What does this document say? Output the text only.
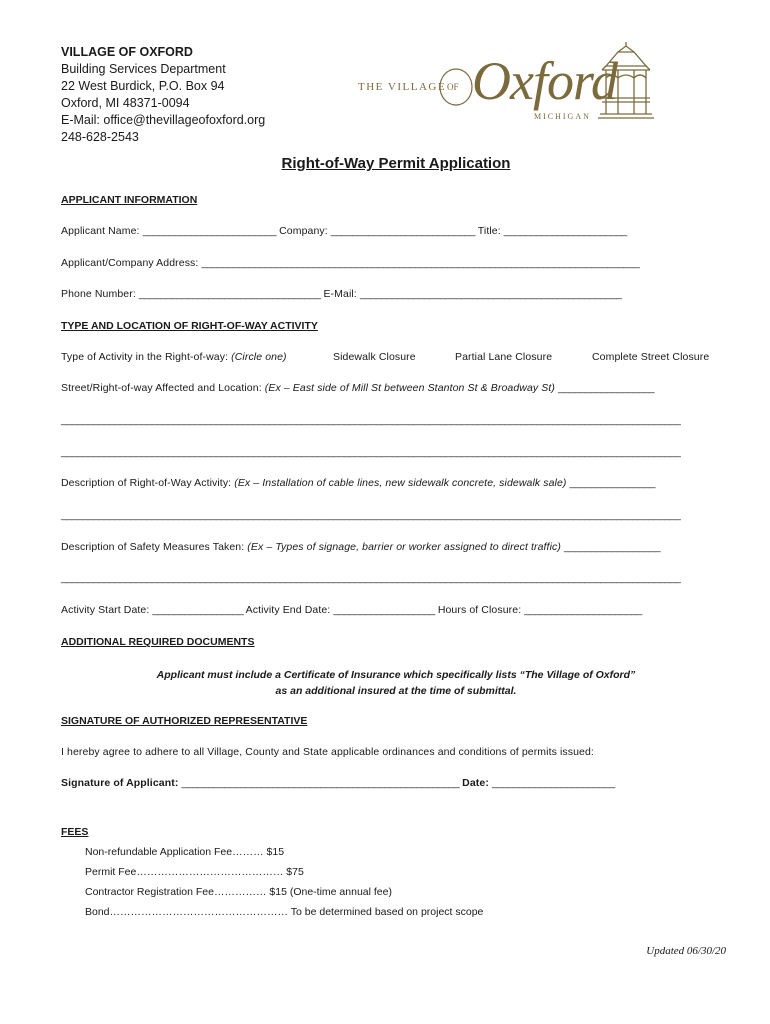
VILLAGE OF OXFORD
Building Services Department
22 West Burdick, P.O. Box 94
Oxford, MI 48371-0094
E-Mail: office@thevillageofoxford.org
248-628-2543
THE VILLAGE OF Oxford
MICHIGAN
Right-of-Way Permit Application
APPLICANT INFORMATION
Applicant Name: _________________________ Company: ___________________________ Title: _______________________
Applicant/Company Address: __________________________________________________________________________________
Phone Number: __________________________________ E-Mail: _________________________________________________
TYPE AND LOCATION OF RIGHT-OF-WAY ACTIVITY
Type of Activity in the Right-of-way: (Circle one)	Sidewalk Closure	Partial Lane Closure	Complete Street Closure
Street/Right-of-way Affected and Location: (Ex – East side of Mill St between Stanton St & Broadway St) __________________
____________________________________________________________________________________________________________________
____________________________________________________________________________________________________________________
Description of Right-of-Way Activity: (Ex – Installation of cable lines, new sidewalk concrete, sidewalk sale) ________________
____________________________________________________________________________________________________________________
Description of Safety Measures Taken: (Ex – Types of signage, barrier or worker assigned to direct traffic) __________________
____________________________________________________________________________________________________________________
Activity Start Date: _________________ Activity End Date: ___________________ Hours of Closure: ______________________
ADDITIONAL REQUIRED DOCUMENTS
Applicant must include a Certificate of Insurance which specifically lists “The Village of Oxford”
as an additional insured at the time of submittal.
SIGNATURE OF AUTHORIZED REPRESENTATIVE
I hereby agree to adhere to all Village, County and State applicable ordinances and conditions of permits issued:
Signature of Applicant: ____________________________________________________ Date: _______________________
FEES
Non-refundable Application Fee……… $15
Permit Fee…………………………………… $75
Contractor Registration Fee…………… $15 (One-time annual fee)
Bond…………………………………………… To be determined based on project scope
Updated 06/30/20
